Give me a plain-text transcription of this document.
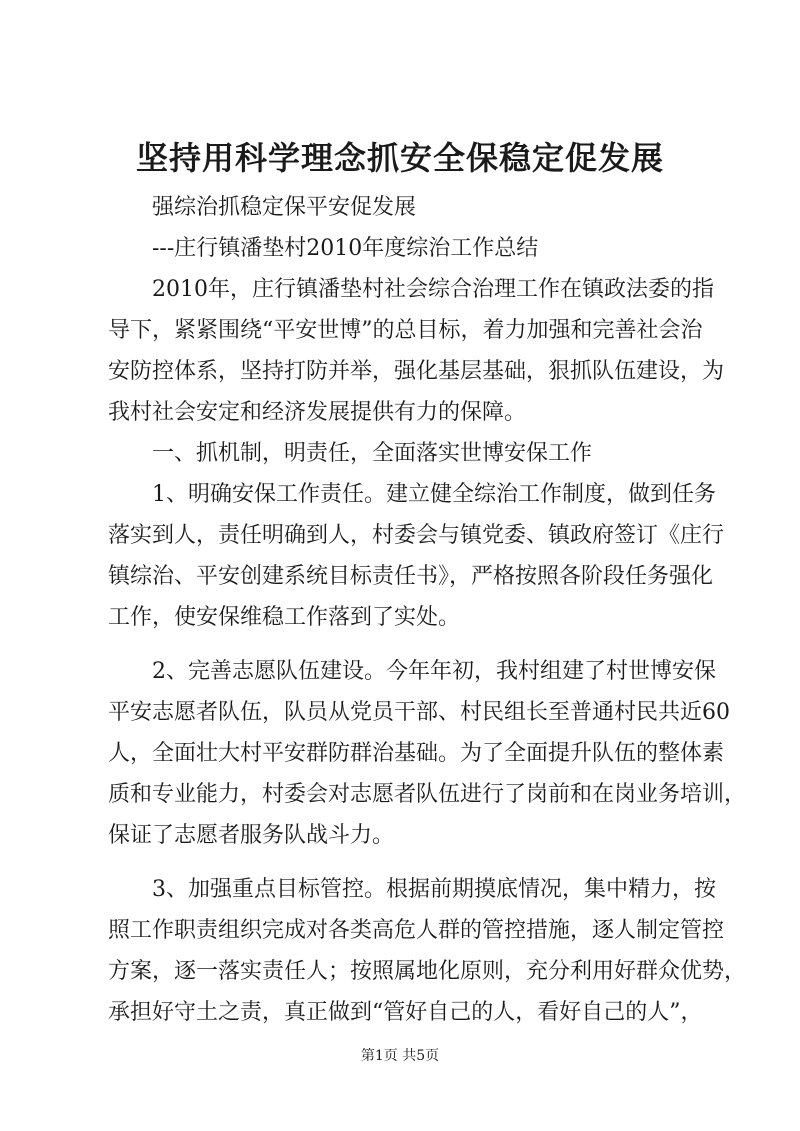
坚持用科学理念抓安全保稳定促发展

　　强综治抓稳定保平安促发展

　　---庄行镇潘垫村2010年度综治工作总结

　　2010年，庄行镇潘垫村社会综合治理工作在镇政法委的指

导下，紧紧围绕“平安世博”的总目标，着力加强和完善社会治

安防控体系，坚持打防并举，强化基层基础，狠抓队伍建设，为

我村社会安定和经济发展提供有力的保障。

　　一、抓机制，明责任，全面落实世博安保工作

　　1、明确安保工作责任。建立健全综治工作制度，做到任务

落实到人，责任明确到人，村委会与镇党委、镇政府签订《庄行

镇综治、平安创建系统目标责任书》，严格按照各阶段任务强化

工作，使安保维稳工作落到了实处。

　　2、完善志愿队伍建设。今年年初，我村组建了村世博安保

平安志愿者队伍，队员从党员干部、村民组长至普通村民共近60

人，全面壮大村平安群防群治基础。为了全面提升队伍的整体素

质和专业能力，村委会对志愿者队伍进行了岗前和在岗业务培训，

保证了志愿者服务队战斗力。

　　3、加强重点目标管控。根据前期摸底情况，集中精力，按

照工作职责组织完成对各类高危人群的管控措施，逐人制定管控

方案，逐一落实责任人；按照属地化原则，充分利用好群众优势，

承担好守土之责，真正做到“管好自己的人，看好自己的人”，

第1页 共5页
